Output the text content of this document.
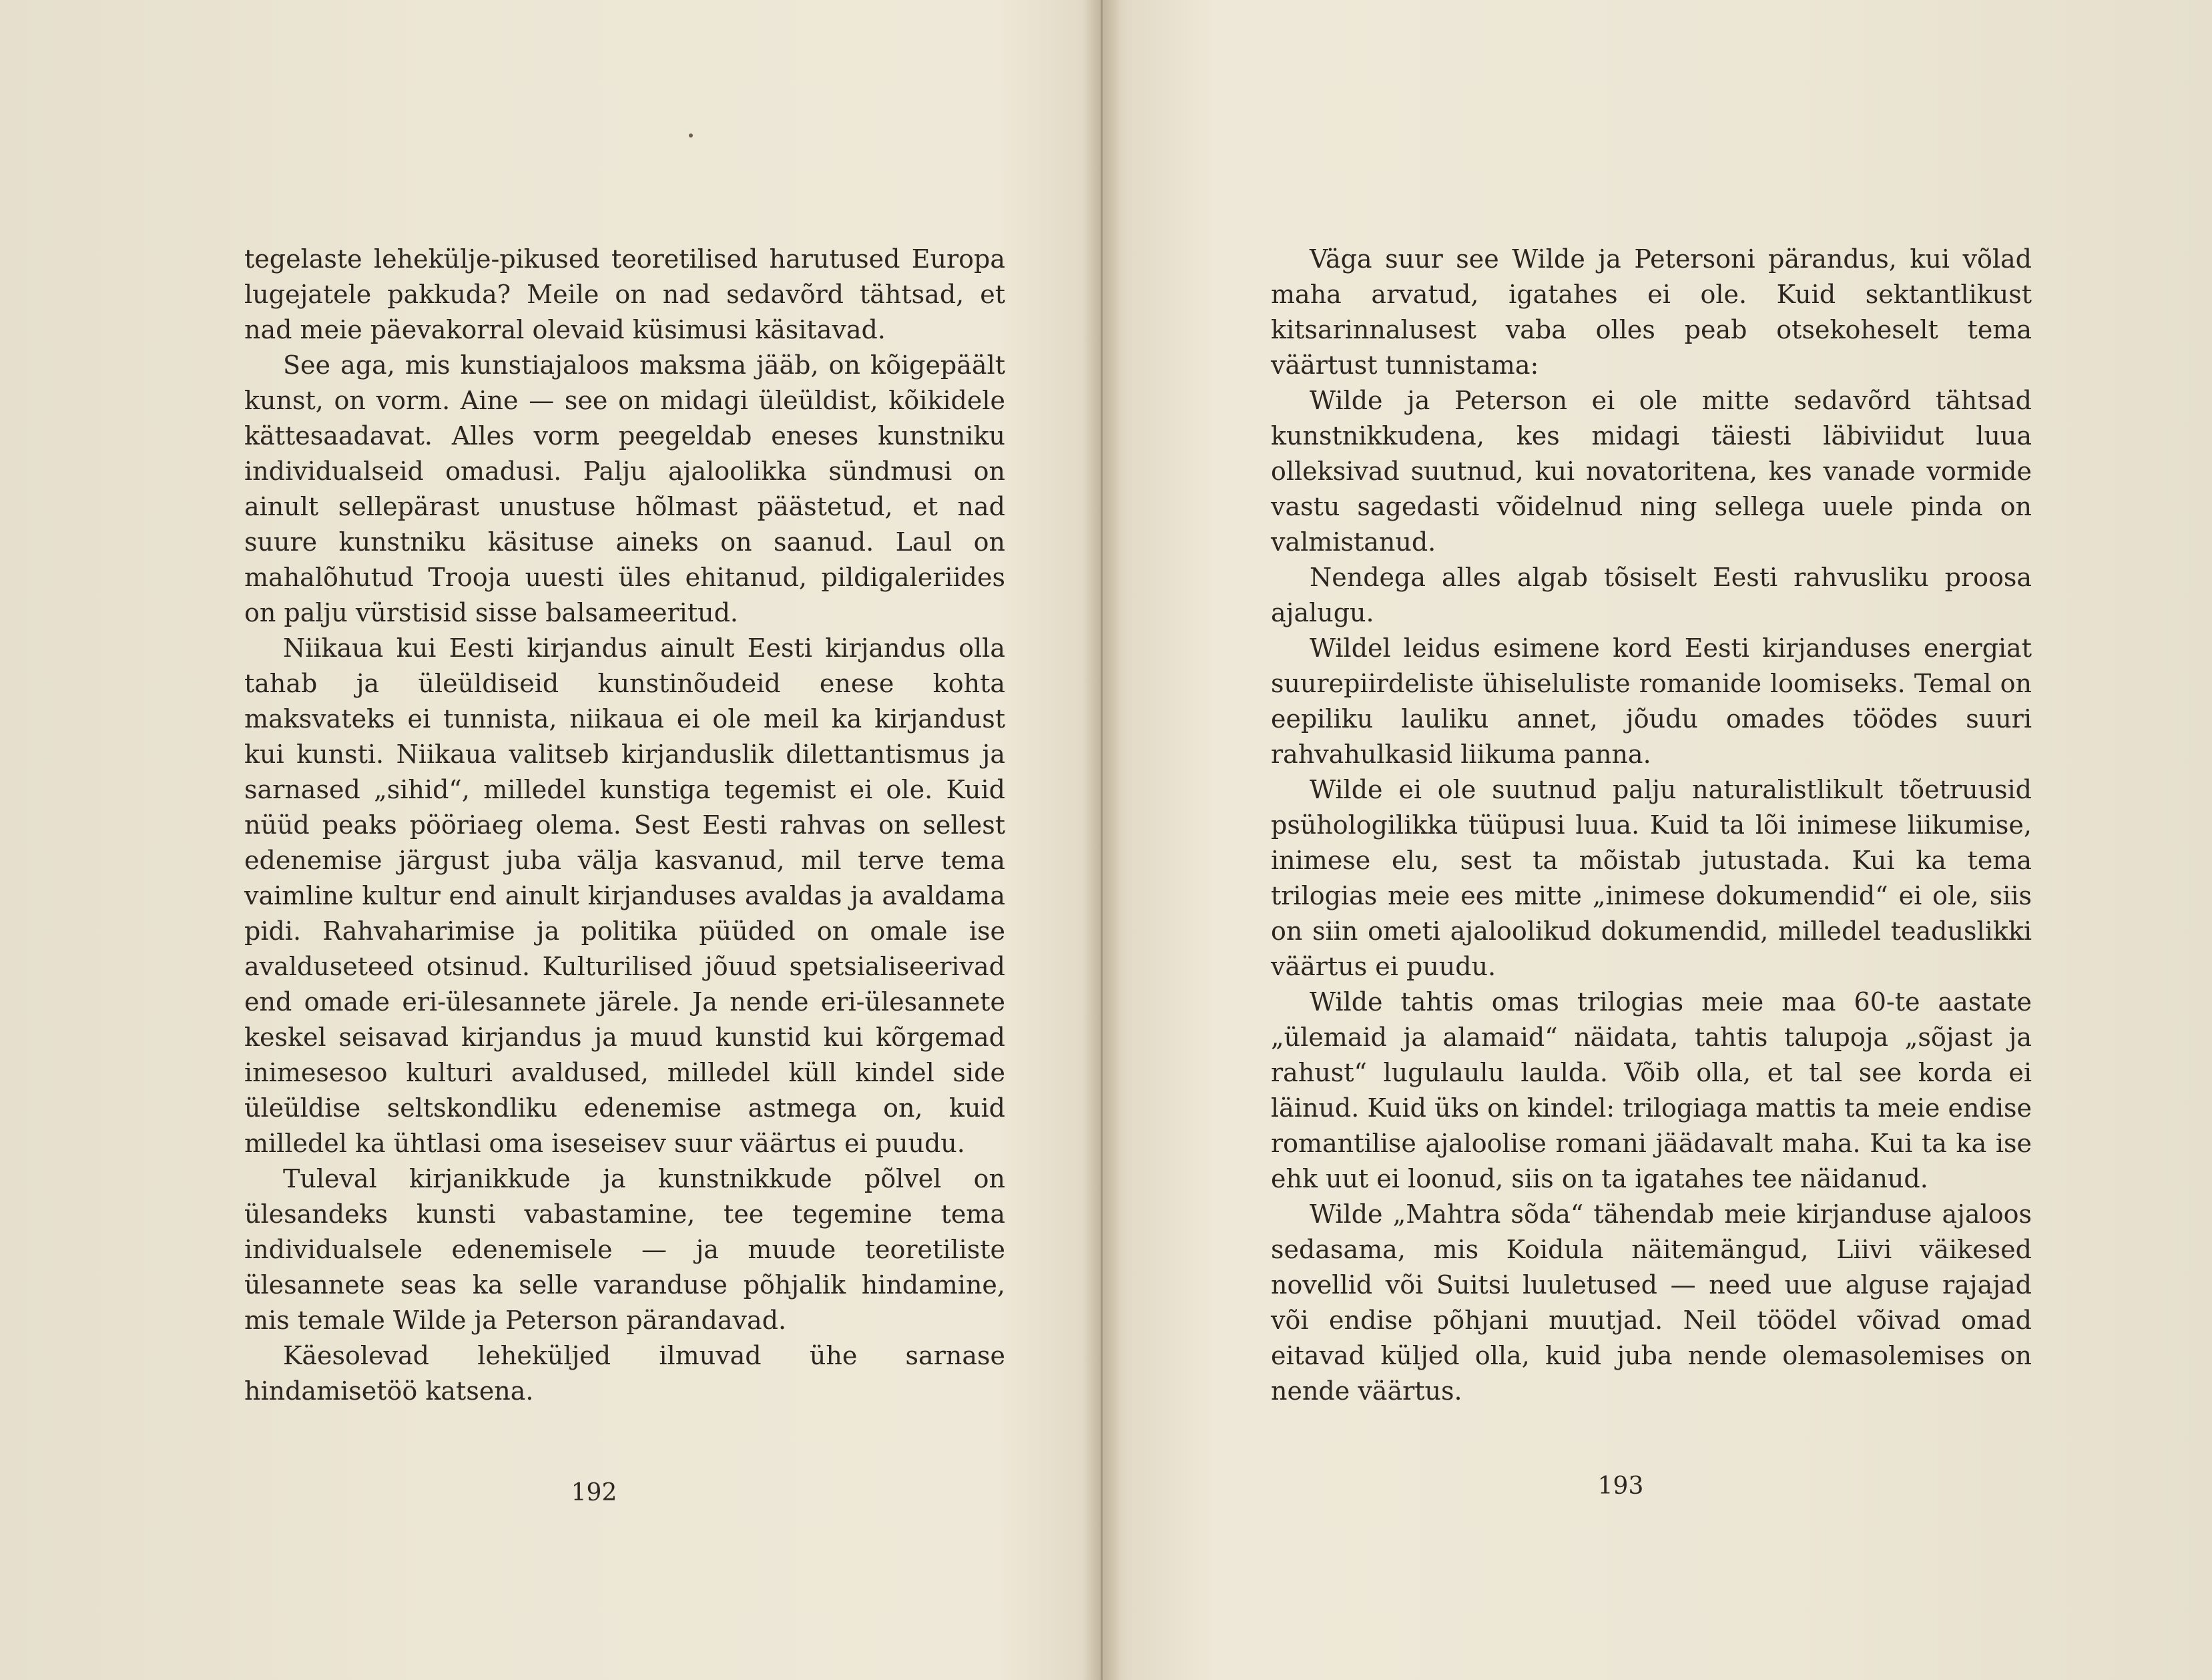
tegelaste lehekülje-pikused teoretilised harutused Europa lugejatele pakkuda? Meile on nad sedavõrd tähtsad, et nad meie päevakorral olevaid küsimusi käsitavad.

See aga, mis kunstiajaloos maksma jääb, on kõigepäält kunst, on vorm. Aine — see on midagi üleüldist, kõikidele kättesaadavat. Alles vorm peegeldab eneses kunstniku individualseid omadusi. Palju ajaloolikka sündmusi on ainult sellepärast unustuse hõlmast päästetud, et nad suure kunstniku käsituse aineks on saanud. Laul on mahalõhutud Trooja uuesti üles ehitanud, pildigaleriides on palju vürstisid sisse balsameeritud.

Niikaua kui Eesti kirjandus ainult Eesti kirjandus olla tahab ja üleüldiseid kunstinõudeid enese kohta maksvateks ei tunnista, niikaua ei ole meil ka kirjandust kui kunsti. Niikaua valitseb kirjanduslik dilettantismus ja sarnased „sihid“, milledel kunstiga tegemist ei ole. Kuid nüüd peaks pööriaeg olema. Sest Eesti rahvas on sellest edenemise järgust juba välja kasvanud, mil terve tema vaimline kultur end ainult kirjanduses avaldas ja avaldama pidi. Rahvaharimise ja politika püüded on omale ise avalduseteed otsinud. Kulturilised jõuud spetsialiseerivad end omade eri-ülesannete järele. Ja nende eri-ülesannete keskel seisavad kirjandus ja muud kunstid kui kõrgemad inimesesoo kulturi avaldused, milledel küll kindel side üleüldise seltskondliku edenemise astmega on, kuid milledel ka ühtlasi oma iseseisev suur väärtus ei puudu.

Tuleval kirjanikkude ja kunstnikkude põlvel on ülesandeks kunsti vabastamine, tee tegemine tema individualsele edenemisele — ja muude teoretiliste ülesannete seas ka selle varanduse põhjalik hindamine, mis temale Wilde ja Peterson pärandavad.

Käesolevad leheküljed ilmuvad ühe sarnase hindamisetöö katsena.

192

Väga suur see Wilde ja Petersoni pärandus, kui võlad maha arvatud, igatahes ei ole. Kuid sektantlikust kitsarinnalusest vaba olles peab otsekoheselt tema väärtust tunnistama:

Wilde ja Peterson ei ole mitte sedavõrd tähtsad kunstnikkudena, kes midagi täiesti läbiviidut luua olleksivad suutnud, kui novatoritena, kes vanade vormide vastu sagedasti võidelnud ning sellega uuele pinda on valmistanud.

Nendega alles algab tõsiselt Eesti rahvusliku proosa ajalugu.

Wildel leidus esimene kord Eesti kirjanduses energiat suurepiirdeliste ühiseluliste romanide loomiseks. Temal on eepiliku lauliku annet, jõudu omades töödes suuri rahvahulkasid liikuma panna.

Wilde ei ole suutnud palju naturalistlikult tõetruusid psühologilikka tüüpusi luua. Kuid ta lõi inimese liikumise, inimese elu, sest ta mõistab jutustada. Kui ka tema trilogias meie ees mitte „inimese dokumendid“ ei ole, siis on siin ometi ajaloolikud dokumendid, milledel teaduslikki väärtus ei puudu.

Wilde tahtis omas trilogias meie maa 60-te aastate „ülemaid ja alamaid“ näidata, tahtis talupoja „sõjast ja rahust“ lugulaulu laulda. Võib olla, et tal see korda ei läinud. Kuid üks on kindel: trilogiaga mattis ta meie endise romantilise ajaloolise romani jäädavalt maha. Kui ta ka ise ehk uut ei loonud, siis on ta igatahes tee näidanud.

Wilde „Mahtra sõda“ tähendab meie kirjanduse ajaloos sedasama, mis Koidula näitemängud, Liivi väikesed novellid või Suitsi luuletused — need uue alguse rajajad või endise põhjani muutjad. Neil töödel võivad omad eitavad küljed olla, kuid juba nende olemasolemises on nende väärtus.

193
